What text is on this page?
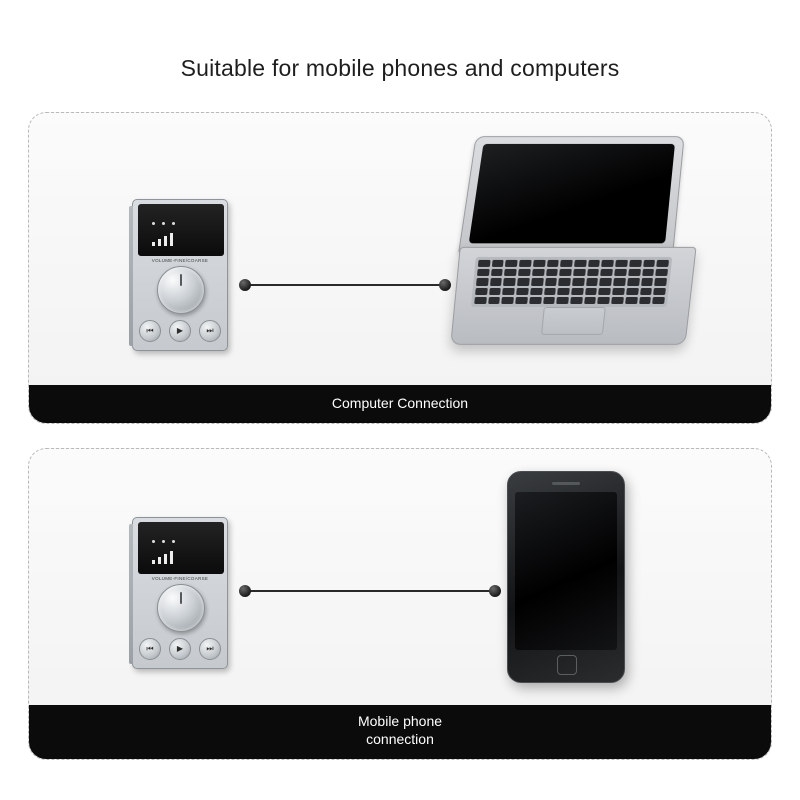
Suitable for mobile phones and computers
VOLUME-FINE/COARSE
⏮	▶	⏭
Computer Connection
VOLUME-FINE/COARSE
⏮	▶	⏭
Mobile phone
connection
